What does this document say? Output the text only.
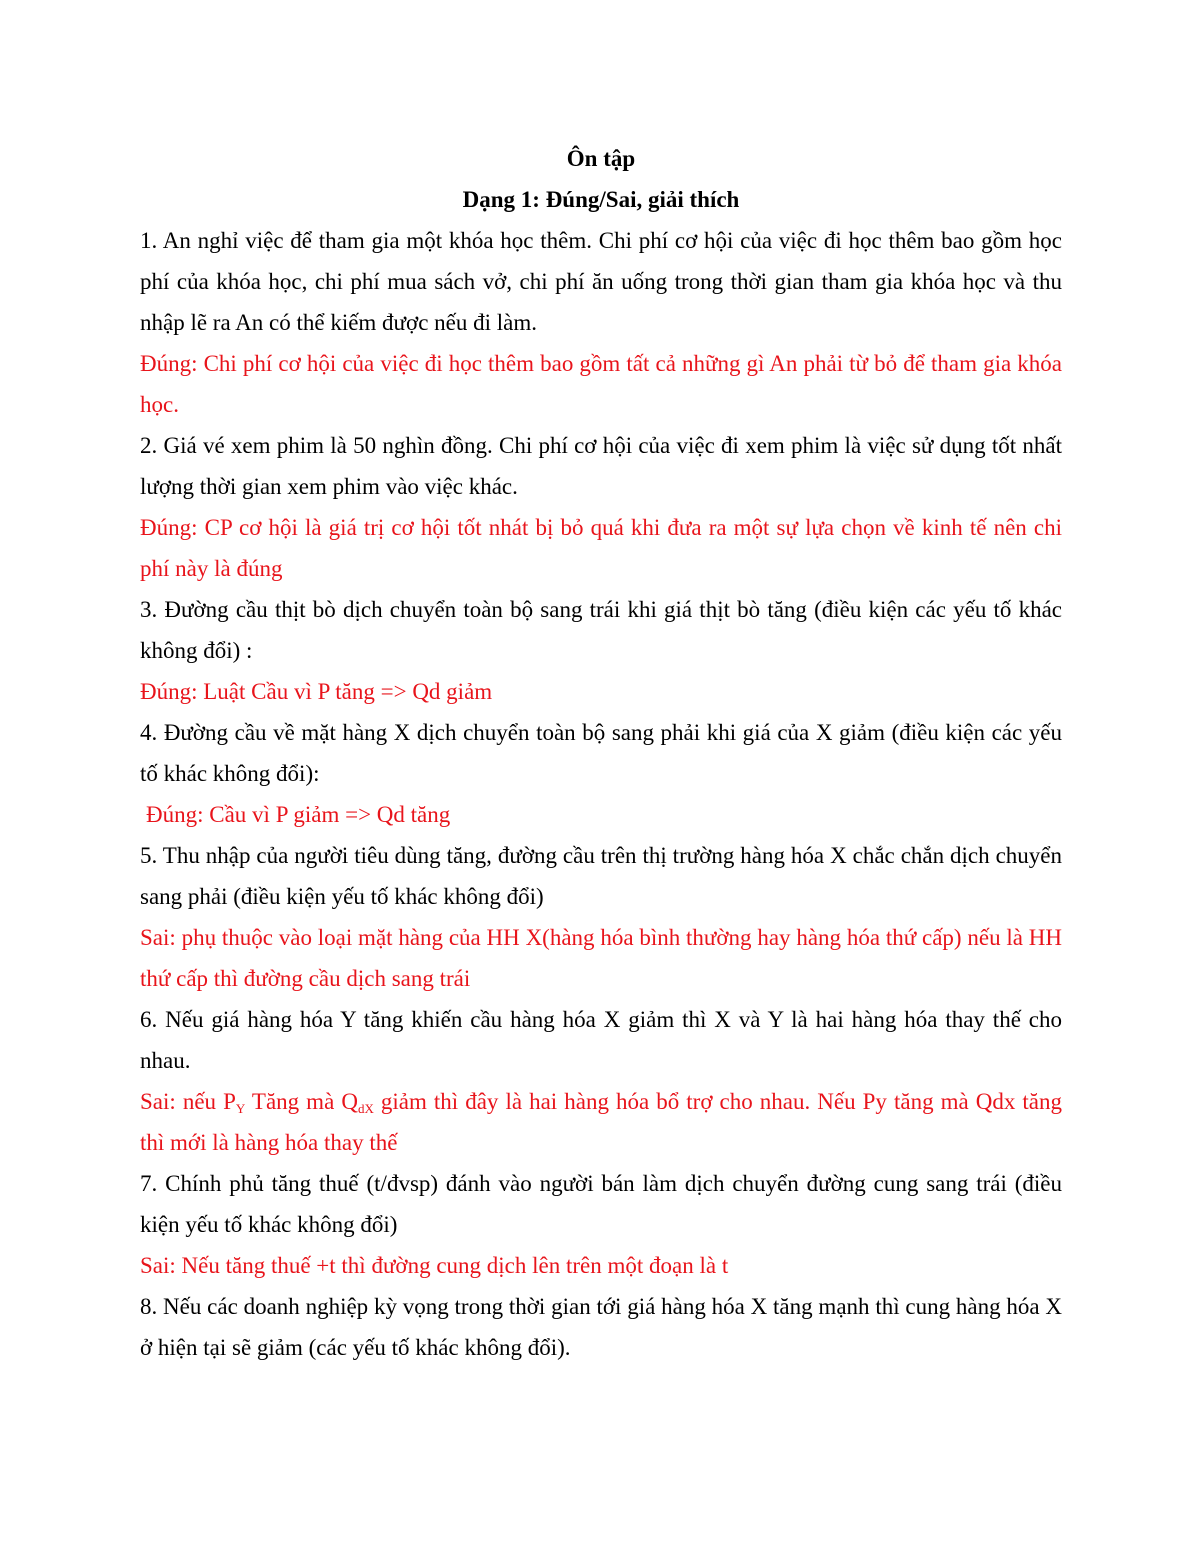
Ôn tập

Dạng 1: Đúng/Sai, giải thích

1. An nghỉ việc để tham gia một khóa học thêm. Chi phí cơ hội của việc đi học thêm bao gồm học phí của khóa học, chi phí mua sách vở, chi phí ăn uống trong thời gian tham gia khóa học và thu nhập lẽ ra An có thể kiếm được nếu đi làm.

Đúng: Chi phí cơ hội của việc đi học thêm bao gồm tất cả những gì An phải từ bỏ để tham gia khóa học.

2. Giá vé xem phim là 50 nghìn đồng. Chi phí cơ hội của việc đi xem phim là việc sử dụng tốt nhất lượng thời gian xem phim vào việc khác.

Đúng: CP cơ hội là giá trị cơ hội tốt nhát bị bỏ quá khi đưa ra một sự lựa chọn về kinh tế nên chi phí này là đúng

3. Đường cầu thịt bò dịch chuyển toàn bộ sang trái khi giá thịt bò tăng (điều kiện các yếu tố khác không đổi) :

Đúng: Luật Cầu vì P tăng => Qd giảm

4. Đường cầu về mặt hàng X dịch chuyển toàn bộ sang phải khi giá của X giảm (điều kiện các yếu tố khác không đổi):

Đúng: Cầu vì P giảm => Qd tăng

5. Thu nhập của người tiêu dùng tăng, đường cầu trên thị trường hàng hóa X chắc chắn dịch chuyển sang phải (điều kiện yếu tố khác không đổi)

Sai: phụ thuộc vào loại mặt hàng của HH X(hàng hóa bình thường hay hàng hóa thứ cấp) nếu là HH thứ cấp thì đường cầu dịch sang trái

6. Nếu giá hàng hóa Y tăng khiến cầu hàng hóa X giảm thì X và Y là hai hàng hóa thay thế cho nhau.

Sai: nếu $P_Y$ Tăng mà $Q_{dX}$ giảm thì đây là hai hàng hóa bổ trợ cho nhau. Nếu Py tăng mà Qdx tăng thì mới là hàng hóa thay thế

7. Chính phủ tăng thuế (t/đvsp) đánh vào người bán làm dịch chuyển đường cung sang trái (điều kiện yếu tố khác không đổi)

Sai: Nếu tăng thuế +t thì đường cung dịch lên trên một đoạn là t

8. Nếu các doanh nghiệp kỳ vọng trong thời gian tới giá hàng hóa X tăng mạnh thì cung hàng hóa X ở hiện tại sẽ giảm (các yếu tố khác không đổi).
